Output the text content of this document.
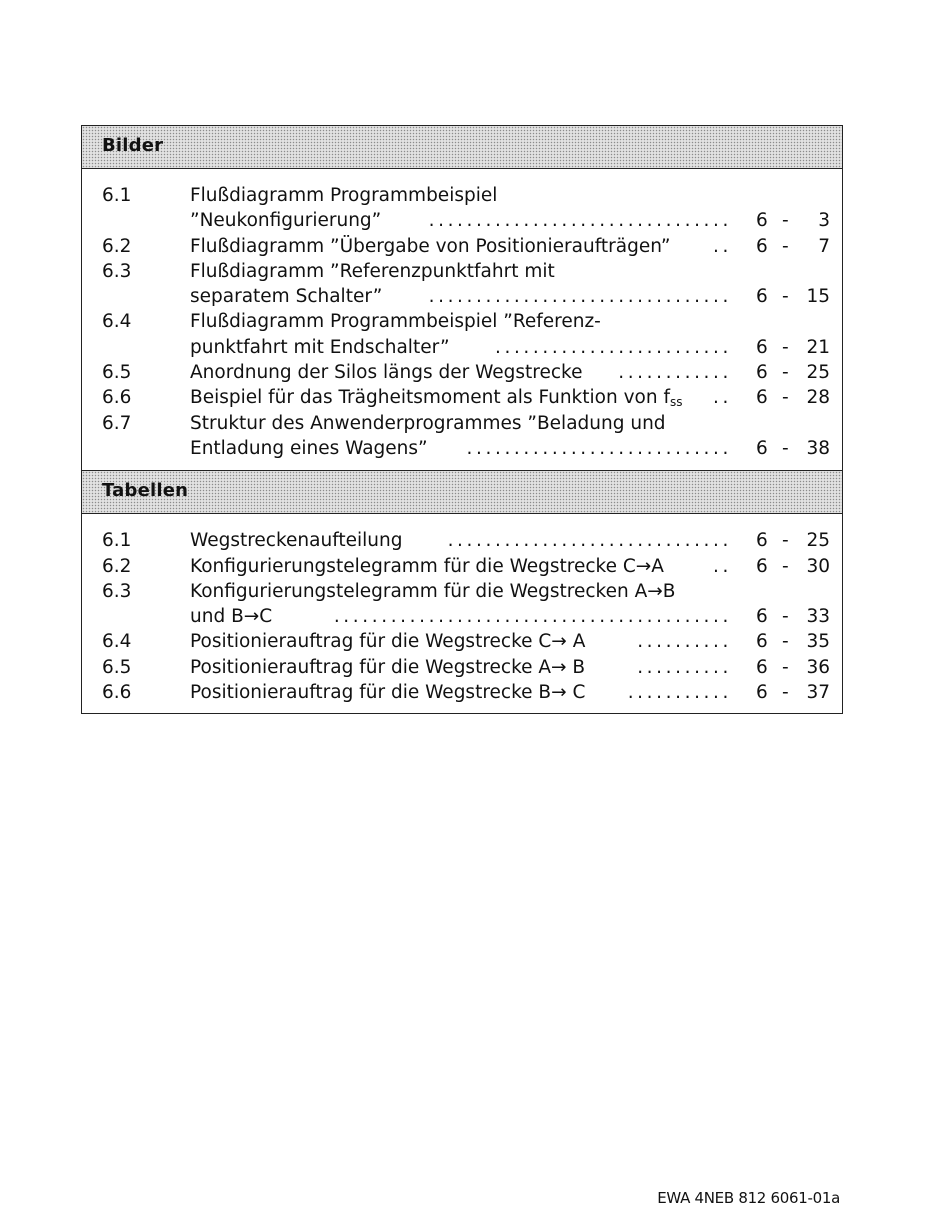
Bilder
6.1	Flußdiagramm Programmbeispiel
”Neukonfigurierung”	................................ 6 - 3
6.2	Flußdiagramm ”Übergabe von Positionieraufträgen” .. 6 - 7
6.3	Flußdiagramm ”Referenzpunktfahrt mit
separatem Schalter”	................................ 6 - 15
6.4	Flußdiagramm Programmbeispiel ”Referenz-
punktfahrt mit Endschalter” ......................... 6 - 21
6.5	Anordnung der Silos längs der Wegstrecke ............ 6 - 25
6.6	Beispiel für das Trägheitsmoment als Funktion von $f_{ss}$ .. 6 - 28
6.7	Struktur des Anwenderprogrammes ”Beladung und
Entladung eines Wagens” ............................ 6 - 38
Tabellen
6.1	Wegstreckenaufteilung .............................. 6 - 25
6.2	Konfigurierungstelegramm für die Wegstrecke C→A	.. 6 - 30
6.3	Konfigurierungstelegramm für die Wegstrecken A→B
und B→C	.......................................... 6 - 33
6.4	Positionierauftrag für die Wegstrecke C→ A	.......... 6 - 35
6.5	Positionierauftrag für die Wegstrecke A→ B	.......... 6 - 36
6.6	Positionierauftrag für die Wegstrecke B→ C ........... 6 - 37
EWA 4NEB 812 6061-01a
